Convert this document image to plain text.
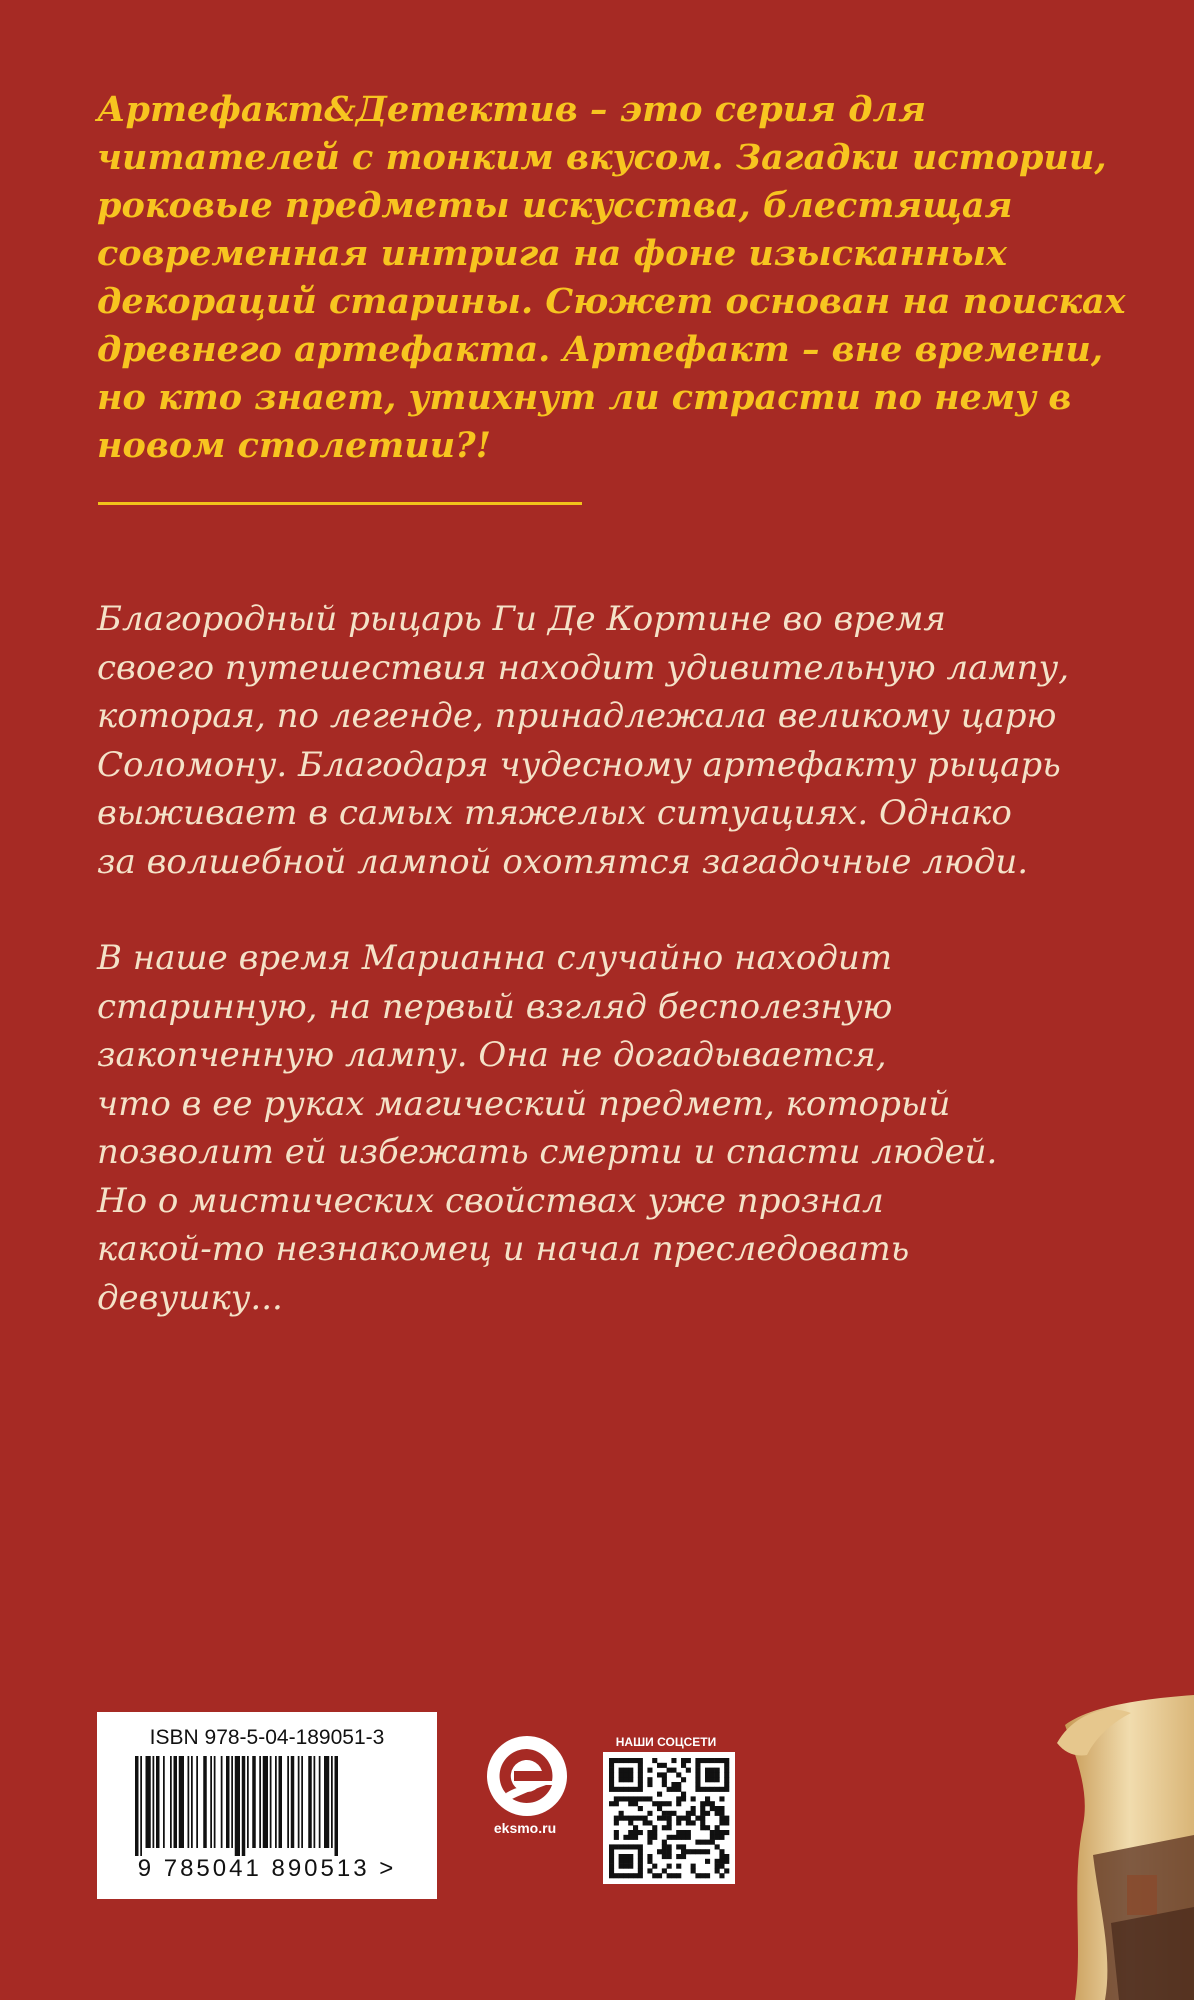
Артефакт&Детектив – это серия для читателей с тонким вкусом. Загадки истории, роковые предметы искусства, блестящая современная интрига на фоне изысканных декораций старины. Сюжет основан на поисках древнего артефакта. Артефакт – вне времени, но кто знает, утихнут ли страсти по нему в новом столетии?!

Благородный рыцарь Ги Де Кортине во время
своего путешествия находит удивительную лампу,
которая, по легенде, принадлежала великому царю
Соломону. Благодаря чудесному артефакту рыцарь
выживает в самых тяжелых ситуациях. Однако
за волшебной лампой охотятся загадочные люди.
В наше время Марианна случайно находит
старинную, на первый взгляд бесполезную
закопченную лампу. Она не догадывается,
что в ее руках магический предмет, который
позволит ей избежать смерти и спасти людей.
Но о мистических свойствах уже прознал
какой-то незнакомец и начал преследовать
девушку...
ISBN 978-5-04-189051-3
9 785041 890513 >
eksmo.ru
НАШИ СОЦСЕТИ
